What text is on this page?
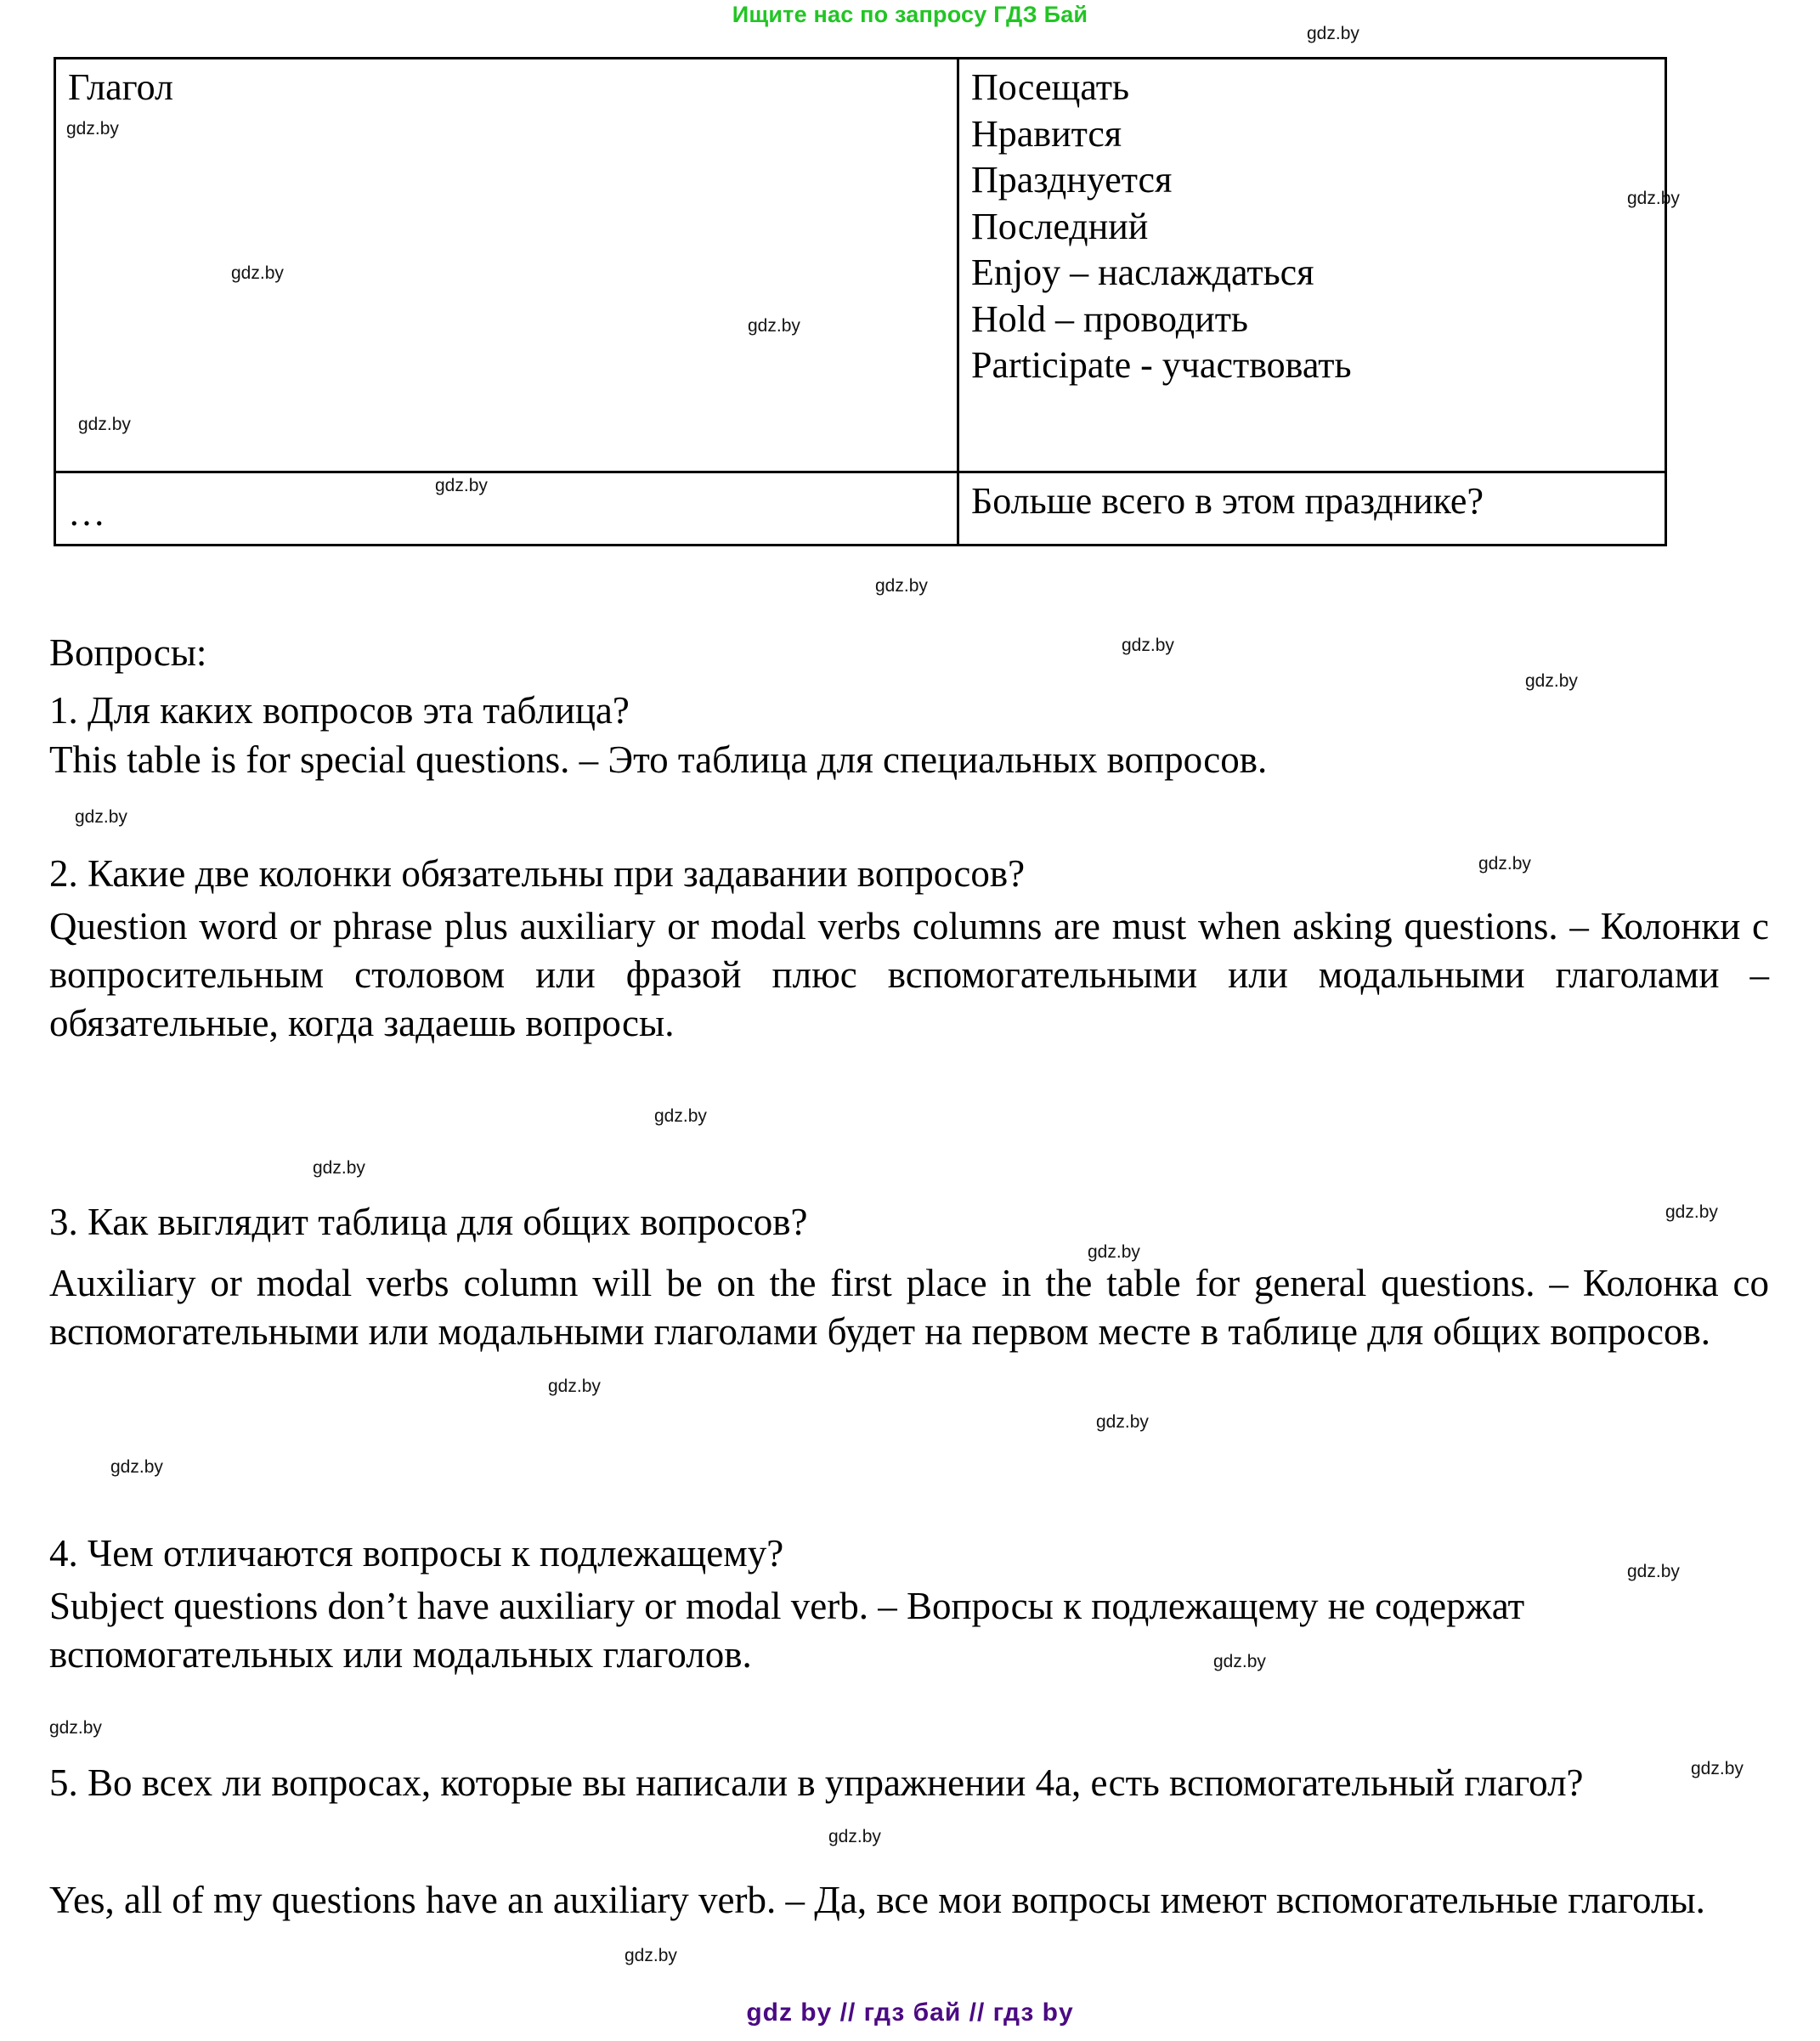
Ищите нас по запросу ГДЗ Бай
Глагол	Посещать
Нравится
Празднуется
Последний
Enjoy – наслаждаться
Hold – проводить
Participate - участвовать

…	Больше всего в этом празднике?
Вопросы:
1. Для каких вопросов эта таблица?
This table is for special questions. – Это таблица для специальных вопросов.
2. Какие две колонки обязательны при задавании вопросов?
Question word or phrase plus auxiliary or modal verbs columns are must when asking questions. – Колонки с вопросительным столовом или фразой плюс вспомогательными или модальными глаголами – обязательные, когда задаешь вопросы.
3. Как выглядит таблица для общих вопросов?
Auxiliary or modal verbs column will be on the first place in the table for general questions. – Колонка со вспомогательными или модальными глаголами будет на первом месте в таблице для общих вопросов.
4. Чем отличаются вопросы к подлежащему?
Subject questions don’t have auxiliary or modal verb. – Вопросы к подлежащему не содержат вспомогательных или модальных глаголов.
5. Во всех ли вопросах, которые вы написали в упражнении 4a, есть вспомогательный глагол?
Yes, all of my questions have an auxiliary verb. – Да, все мои вопросы имеют вспомогательные глаголы.
gdz.by
gdz.by
gdz.by
gdz.by
gdz.by
gdz.by
gdz.by
gdz.by
gdz.by
gdz.by
gdz.by
gdz.by
gdz.by
gdz.by
gdz.by
gdz.by
gdz.by
gdz.by
gdz.by
gdz.by
gdz.by
gdz.by
gdz.by
gdz.by
gdz.by
gdz by // гдз бай // гдз by
